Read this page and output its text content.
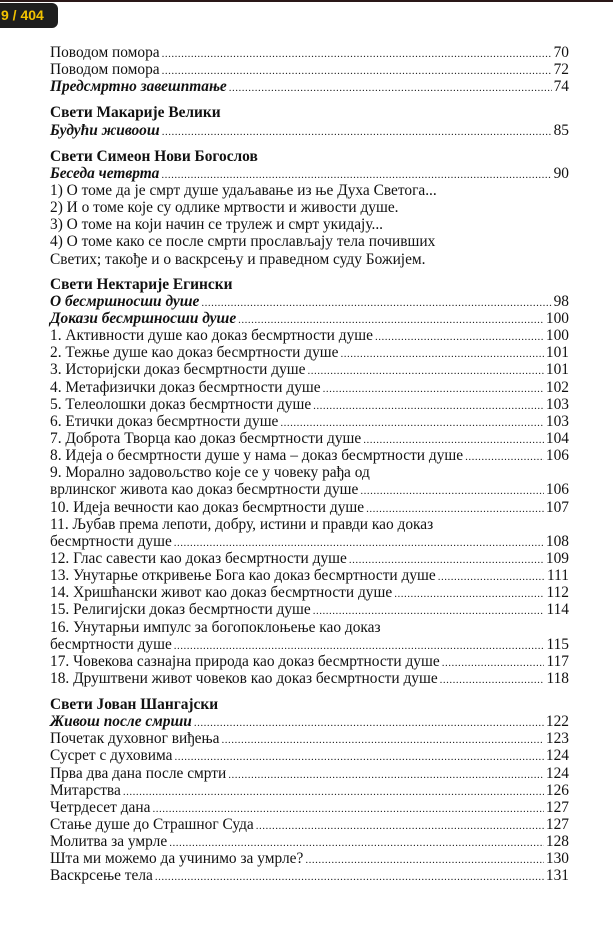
9 / 404
Поводом помора .....	70
Поводом помора .....	72
Предсмртно завешптање .....	74
Свети Макарије Велики
Будући живоош .....	85
Свети Симеон Нови Богослов
Беседа четврта .....	90
1) О томе да је смрт душе удаљавање из ње Духа Светога...
2) И о томе које су одлике мртвости и живости душе.
3) О томе на који начин се трулеж и смрт укидају...
4) О томе како се после смрти прослављају тела почивших
Светих; такође и о васкрсењу и праведном суду Божијем.
Свети Нектарије Егински
О бесмршносши душе .....	98
Докази бесмршносши душе .....	100
1. Активности душе као доказ бесмртности душе .....	100
2. Тежње душе као доказ бесмртности душе .....	101
3. Историјски доказ бесмртности душе .....	101
4. Метафизички доказ бесмртности душе .....	102
5. Телеолошки доказ бесмртности душе .....	103
6. Етички доказ бесмртности душе .....	103
7. Доброта Творца као доказ бесмртности душе .....	104
8. Идеја о бесмртности душе у нама – доказ бесмртности душе .....	106
9. Морално задовољство које се у човеку рађа од
врлинског живота као доказ бесмртности душе .....	106
10. Идеја вечности као доказ бесмртности душе .....	107
11. Љубав према лепоти, добру, истини и правди као доказ
бесмртности душе .....	108
12. Глас савести као доказ бесмртности душе .....	109
13. Унутарње откривење Бога као доказ бесмртности душе .....	111
14. Хришћански живот као доказ бесмртности душе .....	112
15. Религијски доказ бесмртности душе .....	114
16. Унутарњи импулс за богопоклоњење као доказ
бесмртности душе .....	115
17. Човекова сазнајна природа као доказ бесмртности душе .....	117
18. Друштвени живот човеков као доказ бесмртности душе .....	118
Свети Јован Шангајски
Живош после смрши .....	122
Почетак духовног виђења .....	123
Сусрет с духовима .....	124
Прва два дана после смрти .....	124
Митарства .....	126
Четрдесет дана .....	127
Стање душе до Страшног Суда .....	127
Молитва за умрле .....	128
Шта ми можемо да учинимо за умрле? .....	130
Васкрсење тела .....	131
